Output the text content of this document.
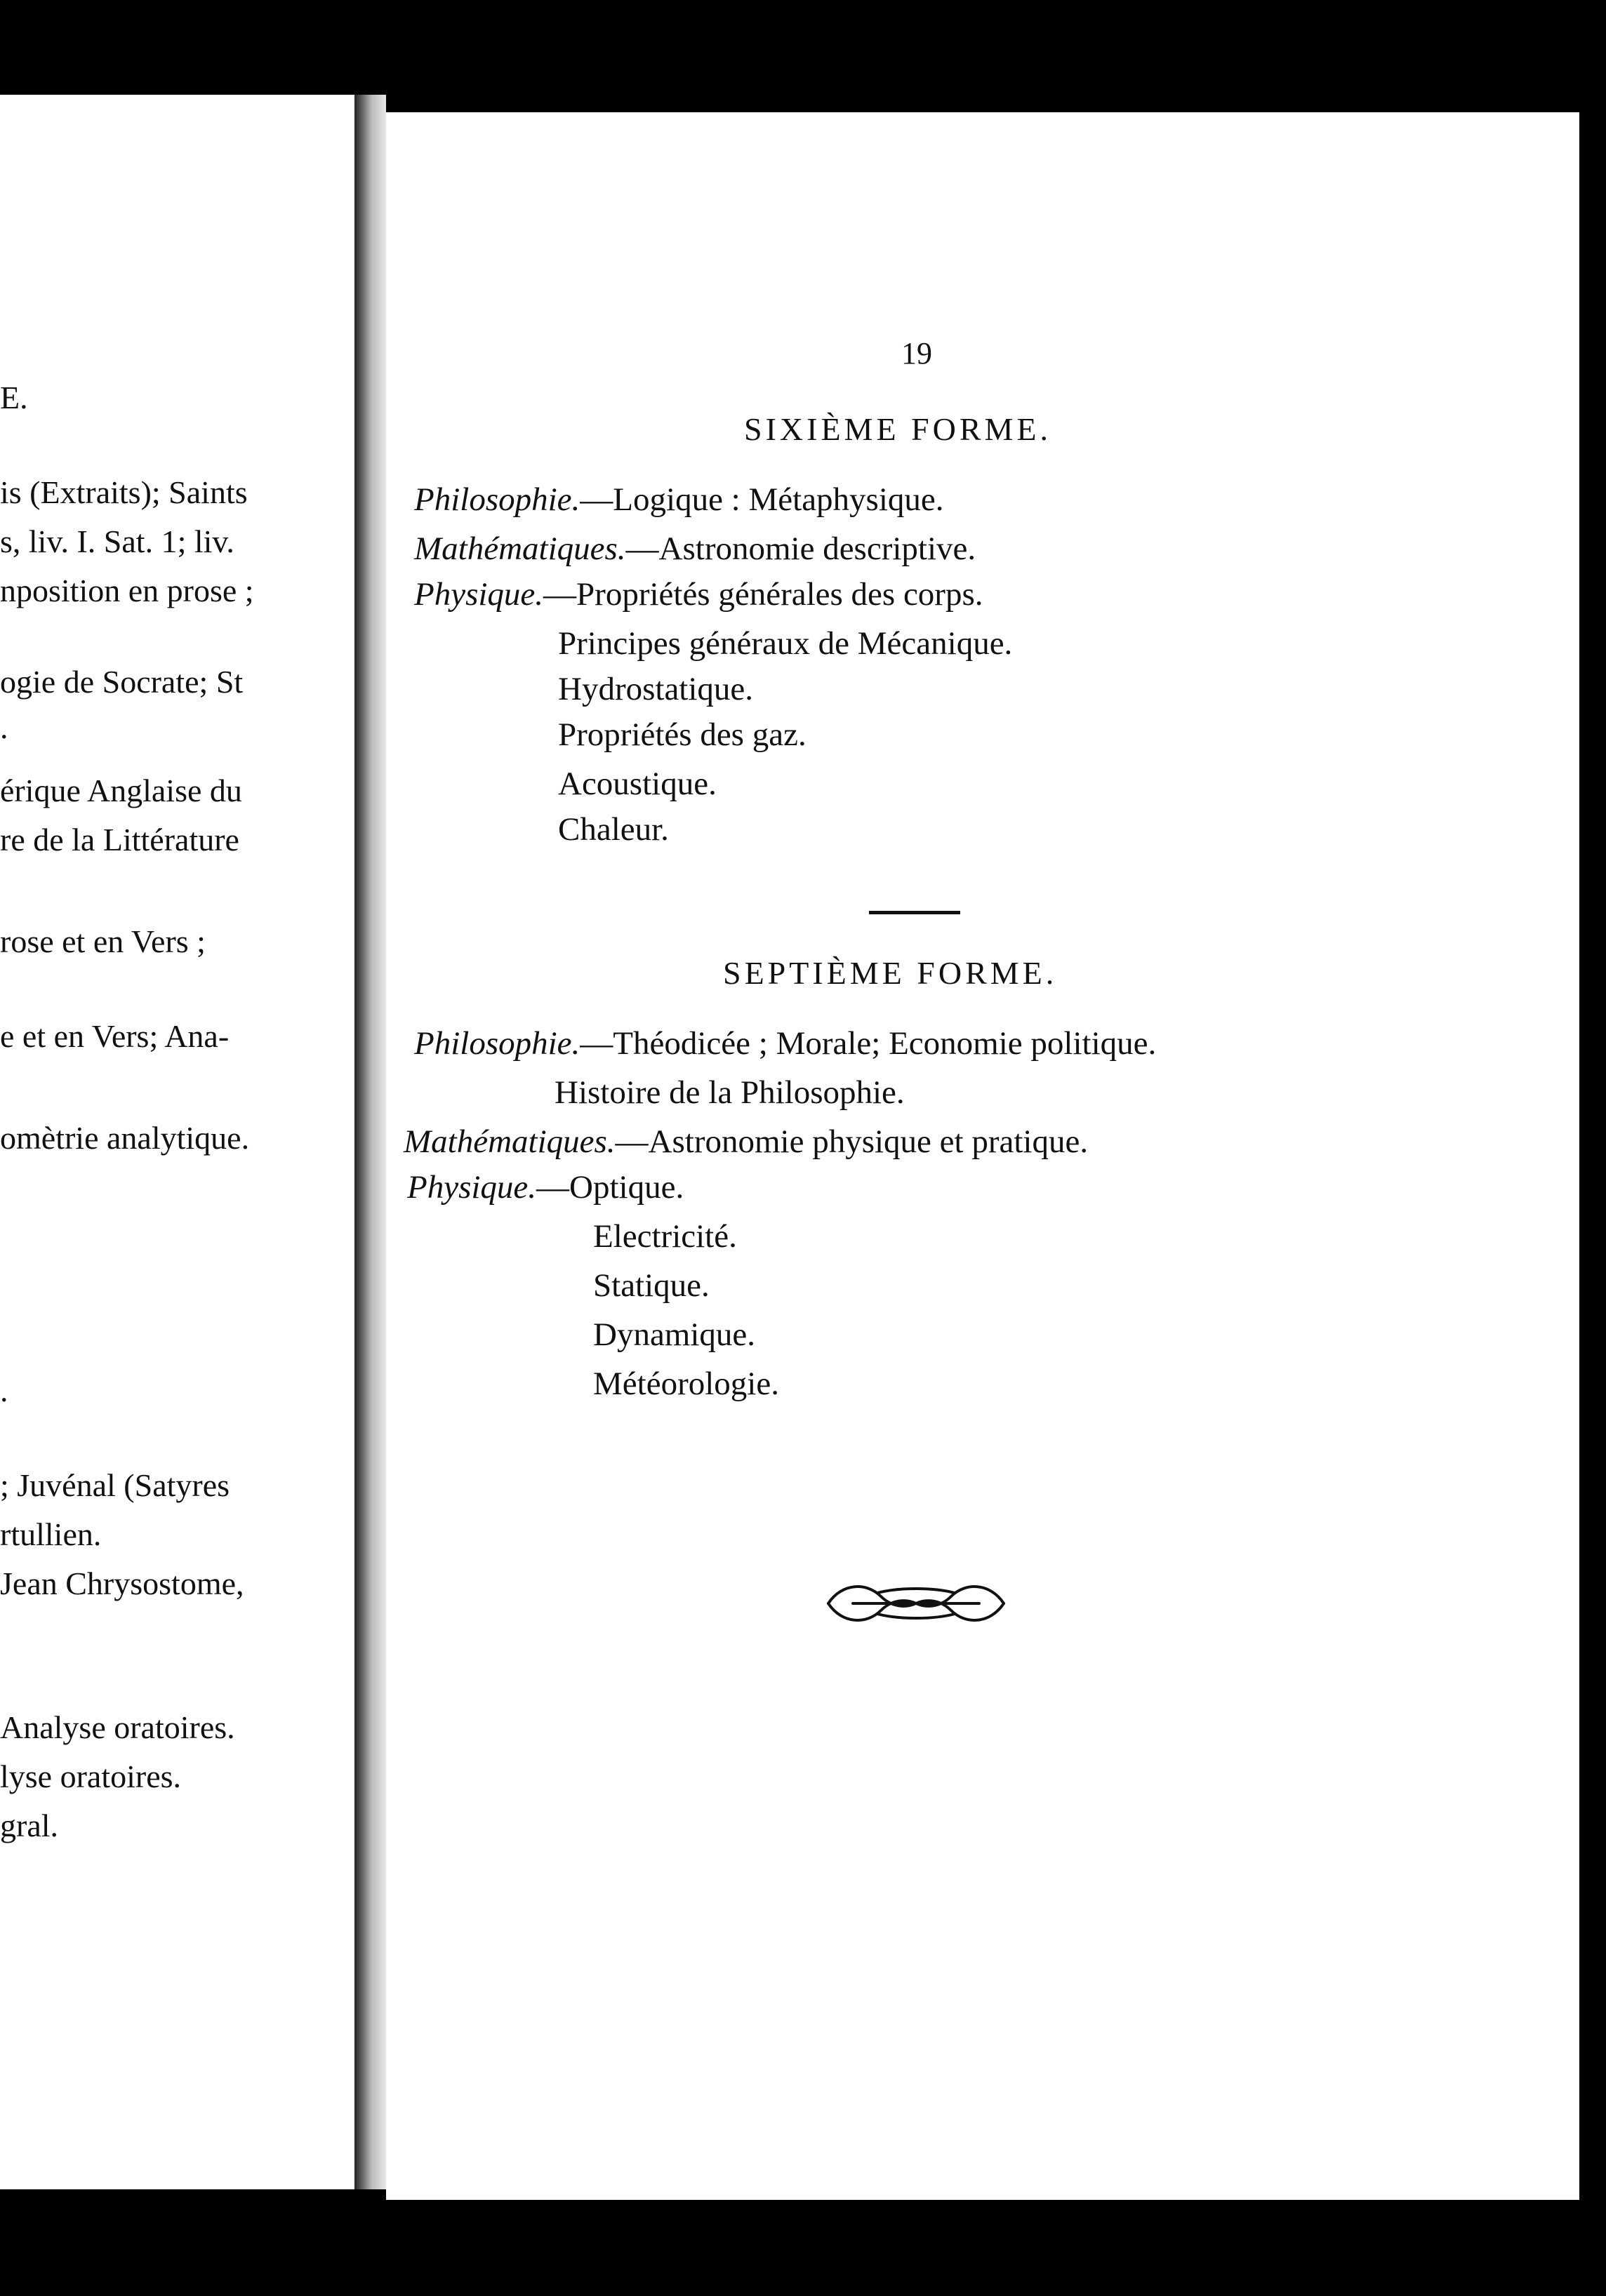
E.
is (Extraits); Saints
s, liv. I. Sat. 1; liv.
nposition en prose ;
ogie de Socrate; St
.
érique Anglaise du
re de la Littérature
rose et en Vers ;
e et en Vers; Ana-
omètrie analytique.
.
; Juvénal (Satyres
rtullien.
Jean Chrysostome,
Analyse oratoires.
lyse oratoires.
gral.
19
SIXIÈME FORME.
Philosophie.—Logique : Métaphysique.
Mathématiques.—Astronomie descriptive.
Physique.—Propriétés générales des corps.
Principes généraux de Mécanique.
Hydrostatique.
Propriétés des gaz.
Acoustique.
Chaleur.
SEPTIÈME FORME.
Philosophie.—Théodicée ; Morale; Economie politique.
Histoire de la Philosophie.
Mathématiques.—Astronomie physique et pratique.
Physique.—Optique.
Electricité.
Statique.
Dynamique.
Météorologie.
